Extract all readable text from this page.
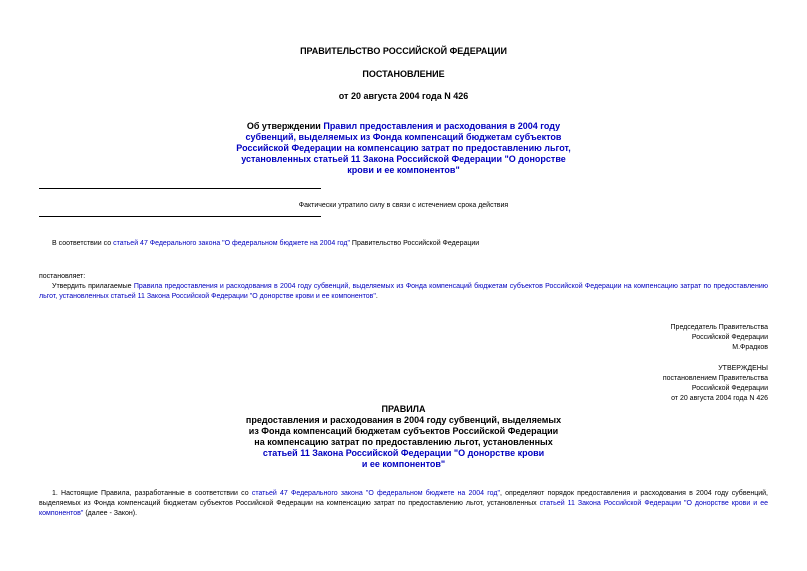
ПРАВИТЕЛЬСТВО РОССИЙСКОЙ ФЕДЕРАЦИИ
ПОСТАНОВЛЕНИЕ
от 20 августа 2004 года N 426
Об утверждении Правил предоставления и расходования в 2004 году
субвенций, выделяемых из Фонда компенсаций бюджетам субъектов
Российской Федерации на компенсацию затрат по предоставлению льгот,
установленных статьей 11 Закона Российской Федерации "О донорстве
крови и ее компонентов"
Фактически утратило силу в связи с истечением срока действия
В соответствии со статьей 47 Федерального закона "О федеральном бюджете на 2004 год" Правительство Российской Федерации
постановляет:
Утвердить прилагаемые Правила предоставления и расходования в 2004 году субвенций, выделяемых из Фонда компенсаций бюджетам субъектов Российской Федерации на компенсацию затрат по предоставлению льгот, установленных статьей 11 Закона Российской Федерации "О донорстве крови и ее компонентов".
Председатель Правительства
Российской Федерации
М.Фрадков
УТВЕРЖДЕНЫ
постановлением Правительства
Российской Федерации
от 20 августа 2004 года N 426
ПРАВИЛА
предоставления и расходования в 2004 году субвенций, выделяемых
из Фонда компенсаций бюджетам субъектов Российской Федерации
на компенсацию затрат по предоставлению льгот, установленных
статьей 11 Закона Российской Федерации "О донорстве крови
и ее компонентов"
1. Настоящие Правила, разработанные в соответствии со статьей 47 Федерального закона "О федеральном бюджете на 2004 год", определяют порядок предоставления и расходования в 2004 году субвенций, выделяемых из Фонда компенсаций бюджетам субъектов Российской Федерации на компенсацию затрат по предоставлению льгот, установленных статьей 11 Закона Российской Федерации "О донорстве крови и ее компонентов" (далее - Закон).
